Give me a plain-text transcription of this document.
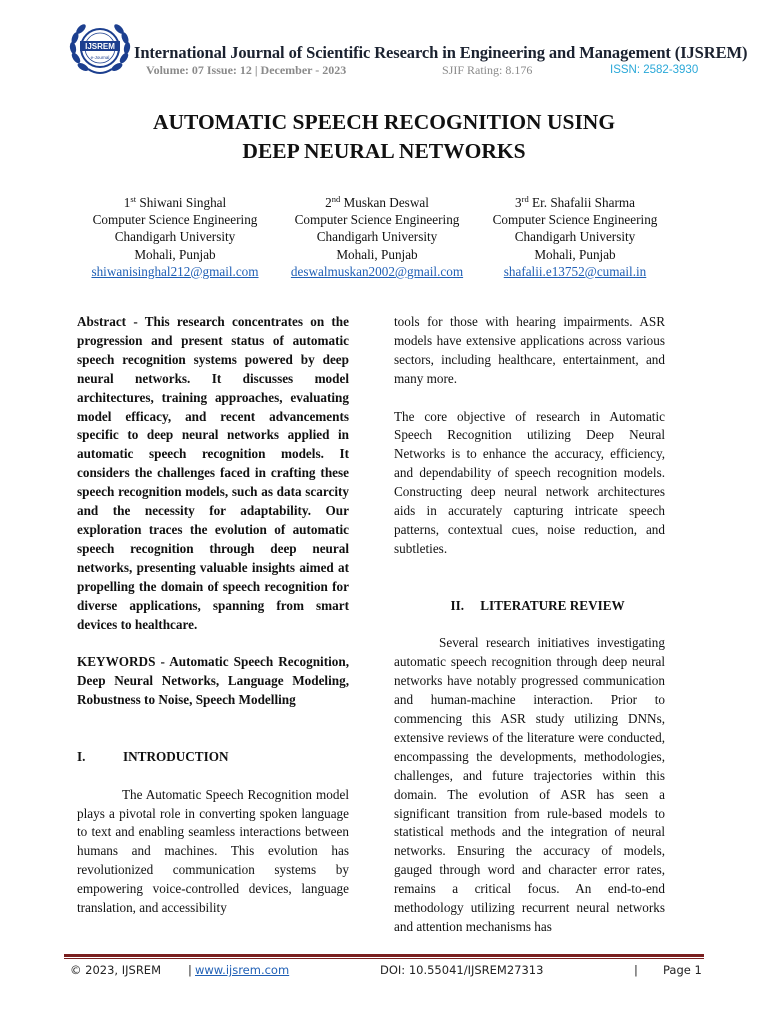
IJSREM
e-Journal International Journal of Scientific Research in Engineering and Management (IJSREM)
Volume: 07 Issue: 12 | December - 2023	SJIF Rating: 8.176	ISSN: 2582-3930
AUTOMATIC SPEECH RECOGNITION USING
DEEP NEURAL NETWORKS
1st Shiwani Singhal
Computer Science Engineering
Chandigarh University
Mohali, Punjab
shiwanisinghal212@gmail.com
2nd Muskan Deswal
Computer Science Engineering
Chandigarh University
Mohali, Punjab
deswalmuskan2002@gmail.com
3rd Er. Shafalii Sharma
Computer Science Engineering
Chandigarh University
Mohali, Punjab
shafalii.e13752@cumail.in

Abstract - This research concentrates on the progression and present status of automatic speech recognition systems powered by deep neural networks. It discusses model architectures, training approaches, evaluating model efficacy, and recent advancements specific to deep neural networks applied in automatic speech recognition models. It considers the challenges faced in crafting these speech recognition models, such as data scarcity and the necessity for adaptability. Our exploration traces the evolution of automatic speech recognition through deep neural networks, presenting valuable insights aimed at propelling the domain of speech recognition for diverse applications, spanning from smart devices to healthcare.

KEYWORDS - Automatic Speech Recognition, Deep Neural Networks, Language Modeling, Robustness to Noise, Speech Modelling

I.	INTRODUCTION

The Automatic Speech Recognition model plays a pivotal role in converting spoken language to text and enabling seamless interactions between humans and machines. This evolution has revolutionized communication systems by empowering voice-controlled devices, language translation, and accessibility

tools for those with hearing impairments. ASR models have extensive applications across various sectors, including healthcare, entertainment, and many more.

The core objective of research in Automatic Speech Recognition utilizing Deep Neural Networks is to enhance the accuracy, efficiency, and dependability of speech recognition models. Constructing deep neural network architectures aids in accurately capturing intricate speech patterns, contextual cues, noise reduction, and subtleties.

II. LITERATURE REVIEW

Several research initiatives investigating automatic speech recognition through deep neural networks have notably progressed communication and human-machine interaction. Prior to commencing this ASR study utilizing DNNs, extensive reviews of the literature were conducted, encompassing the developments, methodologies, challenges, and future trajectories within this domain. The evolution of ASR has seen a significant transition from rule-based models to statistical methods and the integration of neural networks. Ensuring the accuracy of models, gauged through word and character error rates, remains a critical focus. An end-to-end methodology utilizing recurrent neural networks and attention mechanisms has

© 2023, IJSREM | www.ijsrem.com	DOI: 10.55041/IJSREM27313	| Page 1
